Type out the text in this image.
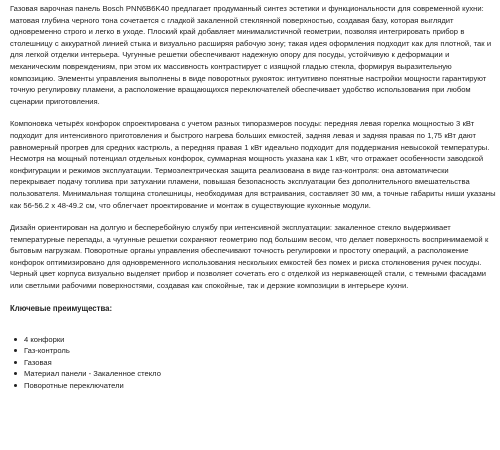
Газовая варочная панель Bosch PNN6B6K40 предлагает продуманный синтез эстетики и функциональности для современной кухни: матовая глубина черного тона сочетается с гладкой закаленной стеклянной поверхностью, создавая базу, которая выглядит одновременно строго и легко в уходе. Плоский край добавляет минималистичной геометрии, позволяя интегрировать прибор в столешницу с аккуратной линией стыка и визуально расширяя рабочую зону; такая идея оформления подходит как для плотной, так и для легкой отделки интерьера. Чугунные решетки обеспечивают надежную опору для посуды, устойчивую к деформации и механическим повреждениям, при этом их массивность контрастирует с изящной гладью стекла, формируя выразительную композицию. Элементы управления выполнены в виде поворотных рукояток: интуитивно понятные настройки мощности гарантируют точную регулировку пламени, а расположение вращающихся переключателей обеспечивает удобство использования при любом сценарии приготовления.

Компоновка четырёх конфорок спроектирована с учетом разных типоразмеров посуды: передняя левая горелка мощностью 3 кВт подходит для интенсивного приготовления и быстрого нагрева больших емкостей, задняя левая и задняя правая по 1,75 кВт дают равномерный прогрев для средних кастрюль, а передняя правая 1 кВт идеально подходит для поддержания невысокой температуры. Несмотря на мощный потенциал отдельных конфорок, суммарная мощность указана как 1 кВт, что отражает особенности заводской конфигурации и режимов эксплуатации. Термоэлектрическая защита реализована в виде газ-контроля: она автоматически перекрывает подачу топлива при затухании пламени, повышая безопасность эксплуатации без дополнительного вмешательства пользователя. Минимальная толщина столешницы, необходимая для встраивания, составляет 30 мм, а точные габариты ниши указаны как 56-56.2 x 48-49.2 см, что облегчает проектирование и монтаж в существующие кухонные модули.

Дизайн ориентирован на долгую и бесперебойную службу при интенсивной эксплуатации: закаленное стекло выдерживает температурные перепады, а чугунные решетки сохраняют геометрию под большим весом, что делает поверхность воспринимаемой к бытовым нагрузкам. Поворотные органы управления обеспечивают точность регулировки и простоту операций, а расположение конфорок оптимизировано для одновременного использования нескольких емкостей без помех и риска столкновения ручек посуды. Черный цвет корпуса визуально выделяет прибор и позволяет сочетать его с отделкой из нержавеющей стали, с темными фасадами или светлыми рабочими поверхностями, создавая как спокойные, так и дерзкие композиции в интерьере кухни.

Ключевые преимущества:
4 конфорки
Газ-контроль
Газовая
Материал панели - Закаленное стекло
Поворотные переключатели
